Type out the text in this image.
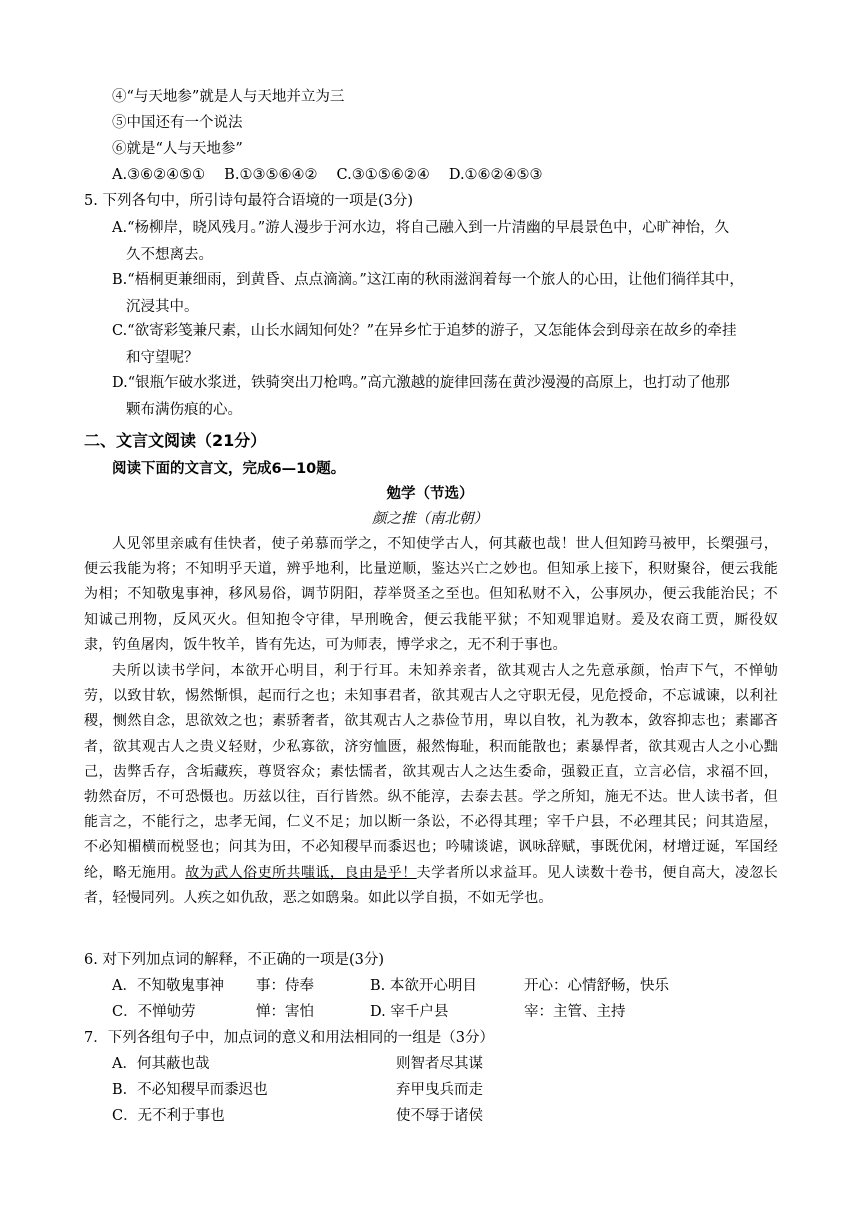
④“与天地参”就是人与天地并立为三
⑤中国还有一个说法
⑥就是“人与天地参”
A.③⑥②④⑤①　 B.①③⑤⑥④②　 C.③①⑤⑥②④　 D.①⑥②④⑤③
5. 下列各句中，所引诗句最符合语境的一项是(3分)
A.“杨柳岸，晓风残月。”游人漫步于河水边，将自己融入到一片清幽的早晨景色中，心旷神怡，久
久不想离去。
B.“梧桐更兼细雨，到黄昏、点点滴滴。”这江南的秋雨滋润着每一个旅人的心田，让他们徜徉其中，
沉浸其中。
C.“欲寄彩笺兼尺素，山长水阔知何处？”在异乡忙于追梦的游子，又怎能体会到母亲在故乡的牵挂
和守望呢？
D.“银瓶乍破水浆迸，铁骑突出刀枪鸣。”高亢激越的旋律回荡在黄沙漫漫的高原上，也打动了他那
颗布满伤痕的心。
二、文言文阅读（21分）
阅读下面的文言文，完成6—10题。
勉学（节选）
颜之推（南北朝）
人见邻里亲戚有佳快者，使子弟慕而学之，不知使学古人，何其蔽也哉！世人但知跨马被甲，长槊强弓，便云我能为将；不知明乎天道，辨乎地利，比量逆顺，鉴达兴亡之妙也。但知承上接下，积财聚谷，便云我能为相；不知敬鬼事神，移风易俗，调节阴阳，荐举贤圣之至也。但知私财不入，公事夙办，便云我能治民；不知诚己刑物，反风灭火。但知抱令守律，早刑晚舍，便云我能平狱；不知观罪追财。爰及农商工贾，厮役奴隶，钓鱼屠肉，饭牛牧羊，皆有先达，可为师表，博学求之，无不利于事也。
夫所以读书学问，本欲开心明目，利于行耳。未知养亲者，欲其观古人之先意承颜，怡声下气，不惮劬劳，以致甘软，惕然惭惧，起而行之也；未知事君者，欲其观古人之守职无侵，见危授命，不忘诚谏，以利社稷，恻然自念，思欲效之也；素骄奢者，欲其观古人之恭俭节用，卑以自牧，礼为教本，敛容抑志也；素鄙吝者，欲其观古人之贵义轻财，少私寡欲，济穷恤匮，赧然悔耻，积而能散也；素暴悍者，欲其观古人之小心黜己，齿弊舌存，含垢藏疾，尊贤容众；素怯懦者，欲其观古人之达生委命，强毅正直，立言必信，求福不回，勃然奋厉，不可恐慑也。历兹以往，百行皆然。纵不能淳，去泰去甚。学之所知，施无不达。世人读书者，但能言之，不能行之，忠孝无闻，仁义不足；加以断一条讼，不必得其理；宰千户县，不必理其民；问其造屋，不必知楣横而棁竖也；问其为田，不必知稷早而黍迟也；吟啸谈谑，讽咏辞赋，事既优闲，材增迂诞，军国经纶，略无施用。故为武人俗吏所共嗤诋，良由是乎！夫学者所以求益耳。见人读数十卷书，便自高大，凌忽长者，轻慢同列。人疾之如仇敌，恶之如鸱枭。如此以学自损，不如无学也。
6. 对下列加点词的解释，不正确的一项是(3分)
A．不知敬鬼事神 事：侍奉	B. 本欲开心明目	开心：心情舒畅，快乐
C．不惮劬劳	惮：害怕	D. 宰千户县	宰：主管、主持
7．下列各组句子中，加点词的意义和用法相同的一组是（3分）
A．何其蔽也哉	则智者尽其谋
B．不必知稷早而黍迟也	弃甲曳兵而走
C．无不利于事也	使不辱于诸侯
